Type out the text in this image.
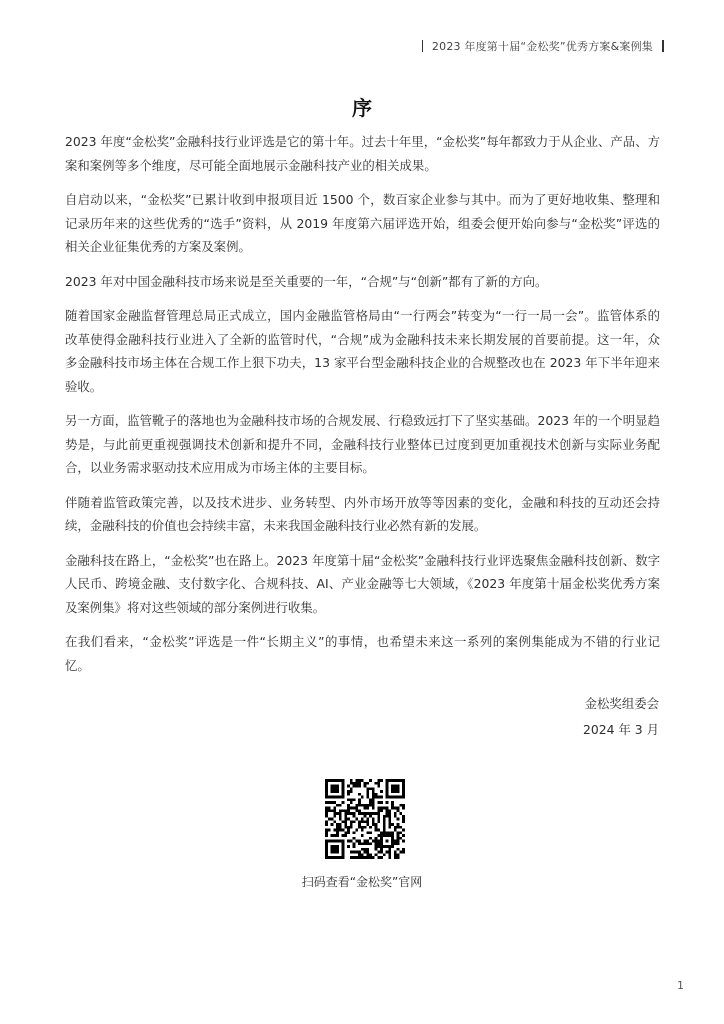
2023 年度第十届“金松奖”优秀方案&案例集
序

2023 年度“金松奖”金融科技行业评选是它的第十年。过去十年里，“金松奖”每年都致力于从企业、产品、方案和案例等多个维度，尽可能全面地展示金融科技产业的相关成果。

自启动以来，“金松奖”已累计收到申报项目近 1500 个，数百家企业参与其中。而为了更好地收集、整理和记录历年来的这些优秀的“选手”资料，从 2019 年度第六届评选开始，组委会便开始向参与“金松奖”评选的相关企业征集优秀的方案及案例。

2023 年对中国金融科技市场来说是至关重要的一年，“合规”与“创新”都有了新的方向。

随着国家金融监督管理总局正式成立，国内金融监管格局由“一行两会”转变为“一行一局一会”。监管体系的改革使得金融科技行业进入了全新的监管时代，“合规”成为金融科技未来长期发展的首要前提。这一年，众多金融科技市场主体在合规工作上狠下功夫，13 家平台型金融科技企业的合规整改也在 2023 年下半年迎来验收。

另一方面，监管靴子的落地也为金融科技市场的合规发展、行稳致远打下了坚实基础。2023 年的一个明显趋势是，与此前更重视强调技术创新和提升不同，金融科技行业整体已过度到更加重视技术创新与实际业务配合，以业务需求驱动技术应用成为市场主体的主要目标。

伴随着监管政策完善，以及技术进步、业务转型、内外市场开放等等因素的变化，金融和科技的互动还会持续，金融科技的价值也会持续丰富，未来我国金融科技行业必然有新的发展。

金融科技在路上，“金松奖”也在路上。2023 年度第十届“金松奖”金融科技行业评选聚焦金融科技创新、数字人民币、跨境金融、支付数字化、合规科技、AI、产业金融等七大领域，《2023 年度第十届金松奖优秀方案及案例集》将对这些领域的部分案例进行收集。

在我们看来，“金松奖”评选是一件“长期主义”的事情，也希望未来这一系列的案例集能成为不错的行业记忆。

金松奖组委会
2024 年 3 月
扫码查看“金松奖”官网
1
